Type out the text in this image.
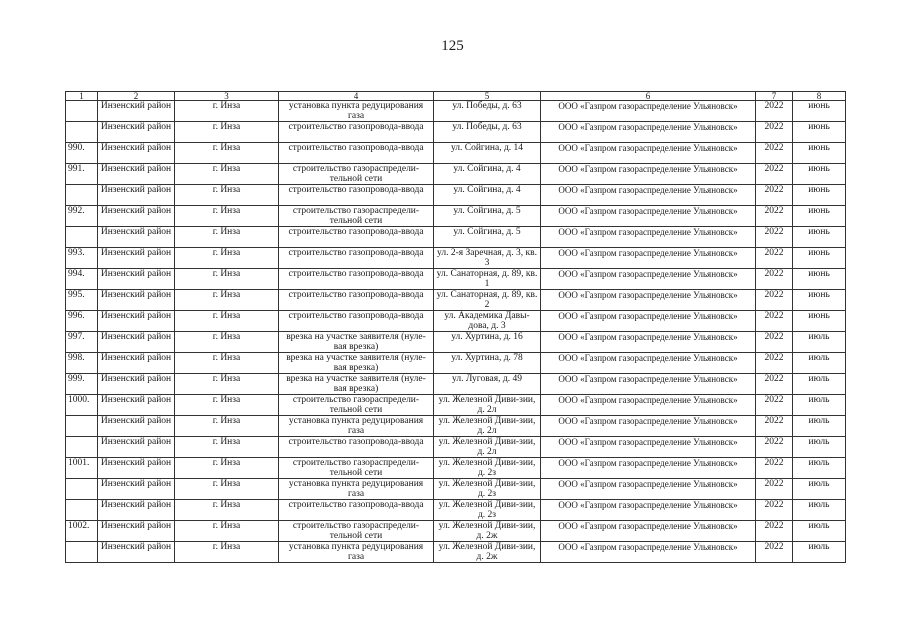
125
1	2	3	4	5	6	7	8
	Инзенский район	г. Инза	установка пункта редуцирования газа	ул. Победы, д. 63	ООО «Газпром газораспределение Ульяновск»	2022	июнь
	Инзенский район	г. Инза	строительство газопровода-ввода	ул. Победы, д. 63	ООО «Газпром газораспределение Ульяновск»	2022	июнь
990.	Инзенский район	г. Инза	строительство газопровода-ввода	ул. Сойгина, д. 14	ООО «Газпром газораспределение Ульяновск»	2022	июнь
991.	Инзенский район	г. Инза	строительство газораспредели-тельной сети	ул. Сойгина, д. 4	ООО «Газпром газораспределение Ульяновск»	2022	июнь
	Инзенский район	г. Инза	строительство газопровода-ввода	ул. Сойгина, д. 4	ООО «Газпром газораспределение Ульяновск»	2022	июнь
992.	Инзенский район	г. Инза	строительство газораспредели-тельной сети	ул. Сойгина, д. 5	ООО «Газпром газораспределение Ульяновск»	2022	июнь
	Инзенский район	г. Инза	строительство газопровода-ввода	ул. Сойгина, д. 5	ООО «Газпром газораспределение Ульяновск»	2022	июнь
993.	Инзенский район	г. Инза	строительство газопровода-ввода	ул. 2-я Заречная, д. 3, кв. 3	ООО «Газпром газораспределение Ульяновск»	2022	июнь
994.	Инзенский район	г. Инза	строительство газопровода-ввода	ул. Санаторная, д. 89, кв. 1	ООО «Газпром газораспределение Ульяновск»	2022	июнь
995.	Инзенский район	г. Инза	строительство газопровода-ввода	ул. Санаторная, д. 89, кв. 2	ООО «Газпром газораспределение Ульяновск»	2022	июнь
996.	Инзенский район	г. Инза	строительство газопровода-ввода	ул. Академика Давы-дова, д. 3	ООО «Газпром газораспределение Ульяновск»	2022	июнь
997.	Инзенский район	г. Инза	врезка на участке заявителя (нуле-вая врезка)	ул. Хуртина, д. 16	ООО «Газпром газораспределение Ульяновск»	2022	июль
998.	Инзенский район	г. Инза	врезка на участке заявителя (нуле-вая врезка)	ул. Хуртина, д. 78	ООО «Газпром газораспределение Ульяновск»	2022	июль
999.	Инзенский район	г. Инза	врезка на участке заявителя (нуле-вая врезка)	ул. Луговая, д. 49	ООО «Газпром газораспределение Ульяновск»	2022	июль
1000.	Инзенский район	г. Инза	строительство газораспредели-тельной сети	ул. Железной Диви-зии, д. 2л	ООО «Газпром газораспределение Ульяновск»	2022	июль
	Инзенский район	г. Инза	установка пункта редуцирования газа	ул. Железной Диви-зии, д. 2л	ООО «Газпром газораспределение Ульяновск»	2022	июль
	Инзенский район	г. Инза	строительство газопровода-ввода	ул. Железной Диви-зии, д. 2л	ООО «Газпром газораспределение Ульяновск»	2022	июль
1001.	Инзенский район	г. Инза	строительство газораспредели-тельной сети	ул. Железной Диви-зии, д. 2з	ООО «Газпром газораспределение Ульяновск»	2022	июль
	Инзенский район	г. Инза	установка пункта редуцирования газа	ул. Железной Диви-зии, д. 2з	ООО «Газпром газораспределение Ульяновск»	2022	июль
	Инзенский район	г. Инза	строительство газопровода-ввода	ул. Железной Диви-зии, д. 2з	ООО «Газпром газораспределение Ульяновск»	2022	июль
1002.	Инзенский район	г. Инза	строительство газораспредели-тельной сети	ул. Железной Диви-зии, д. 2ж	ООО «Газпром газораспределение Ульяновск»	2022	июль
	Инзенский район	г. Инза	установка пункта редуцирования газа	ул. Железной Диви-зии, д. 2ж	ООО «Газпром газораспределение Ульяновск»	2022	июль
